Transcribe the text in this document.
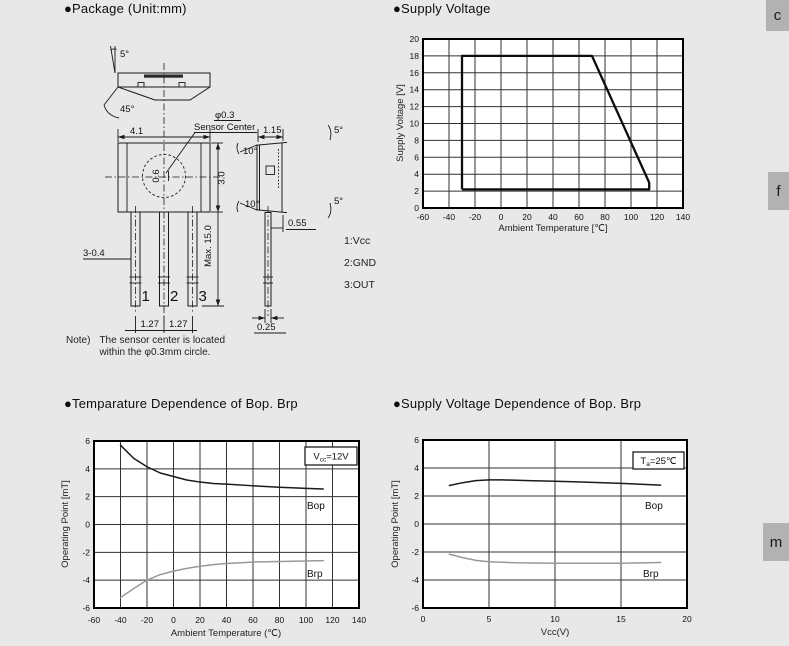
●Package (Unit:mm)	●Supply Voltage
●Temparature Dependence of Bop. Brp	●Supply Voltage Dependence of Bop. Brp
5°
45°
0.6
4.1
φ0.3
Sensor Center
3.0
Max. 15.0
1 2 3
3-0.4
1.27 1.27
1.15	5°
10°
10°	5°
0.55
0.25
1:Vcc
2:GND
3:OUT
Note) The sensor center is located
within the φ0.3mm circle.
-60 -40 -20 0 20 40 60 80 100 120 140
0
2
4
6
8
10
12
14
16
18
20
Ambient Temperature [℃]
Supply Voltage [V]
-60 -40 -20 0 20 40 60 80 100 120 140
-6
-4
-2
0
2
4
6
Ambient Temperature (℃)
Operating Point [mT]
$V_{cc}=12V$
Bop
Brp
0	5	10	15	20
-6
-4
-2
0
2
4
6
Vcc(V)
Operating Point [mT]
$T_a=25℃$
Bop
Brp
c
f
m
